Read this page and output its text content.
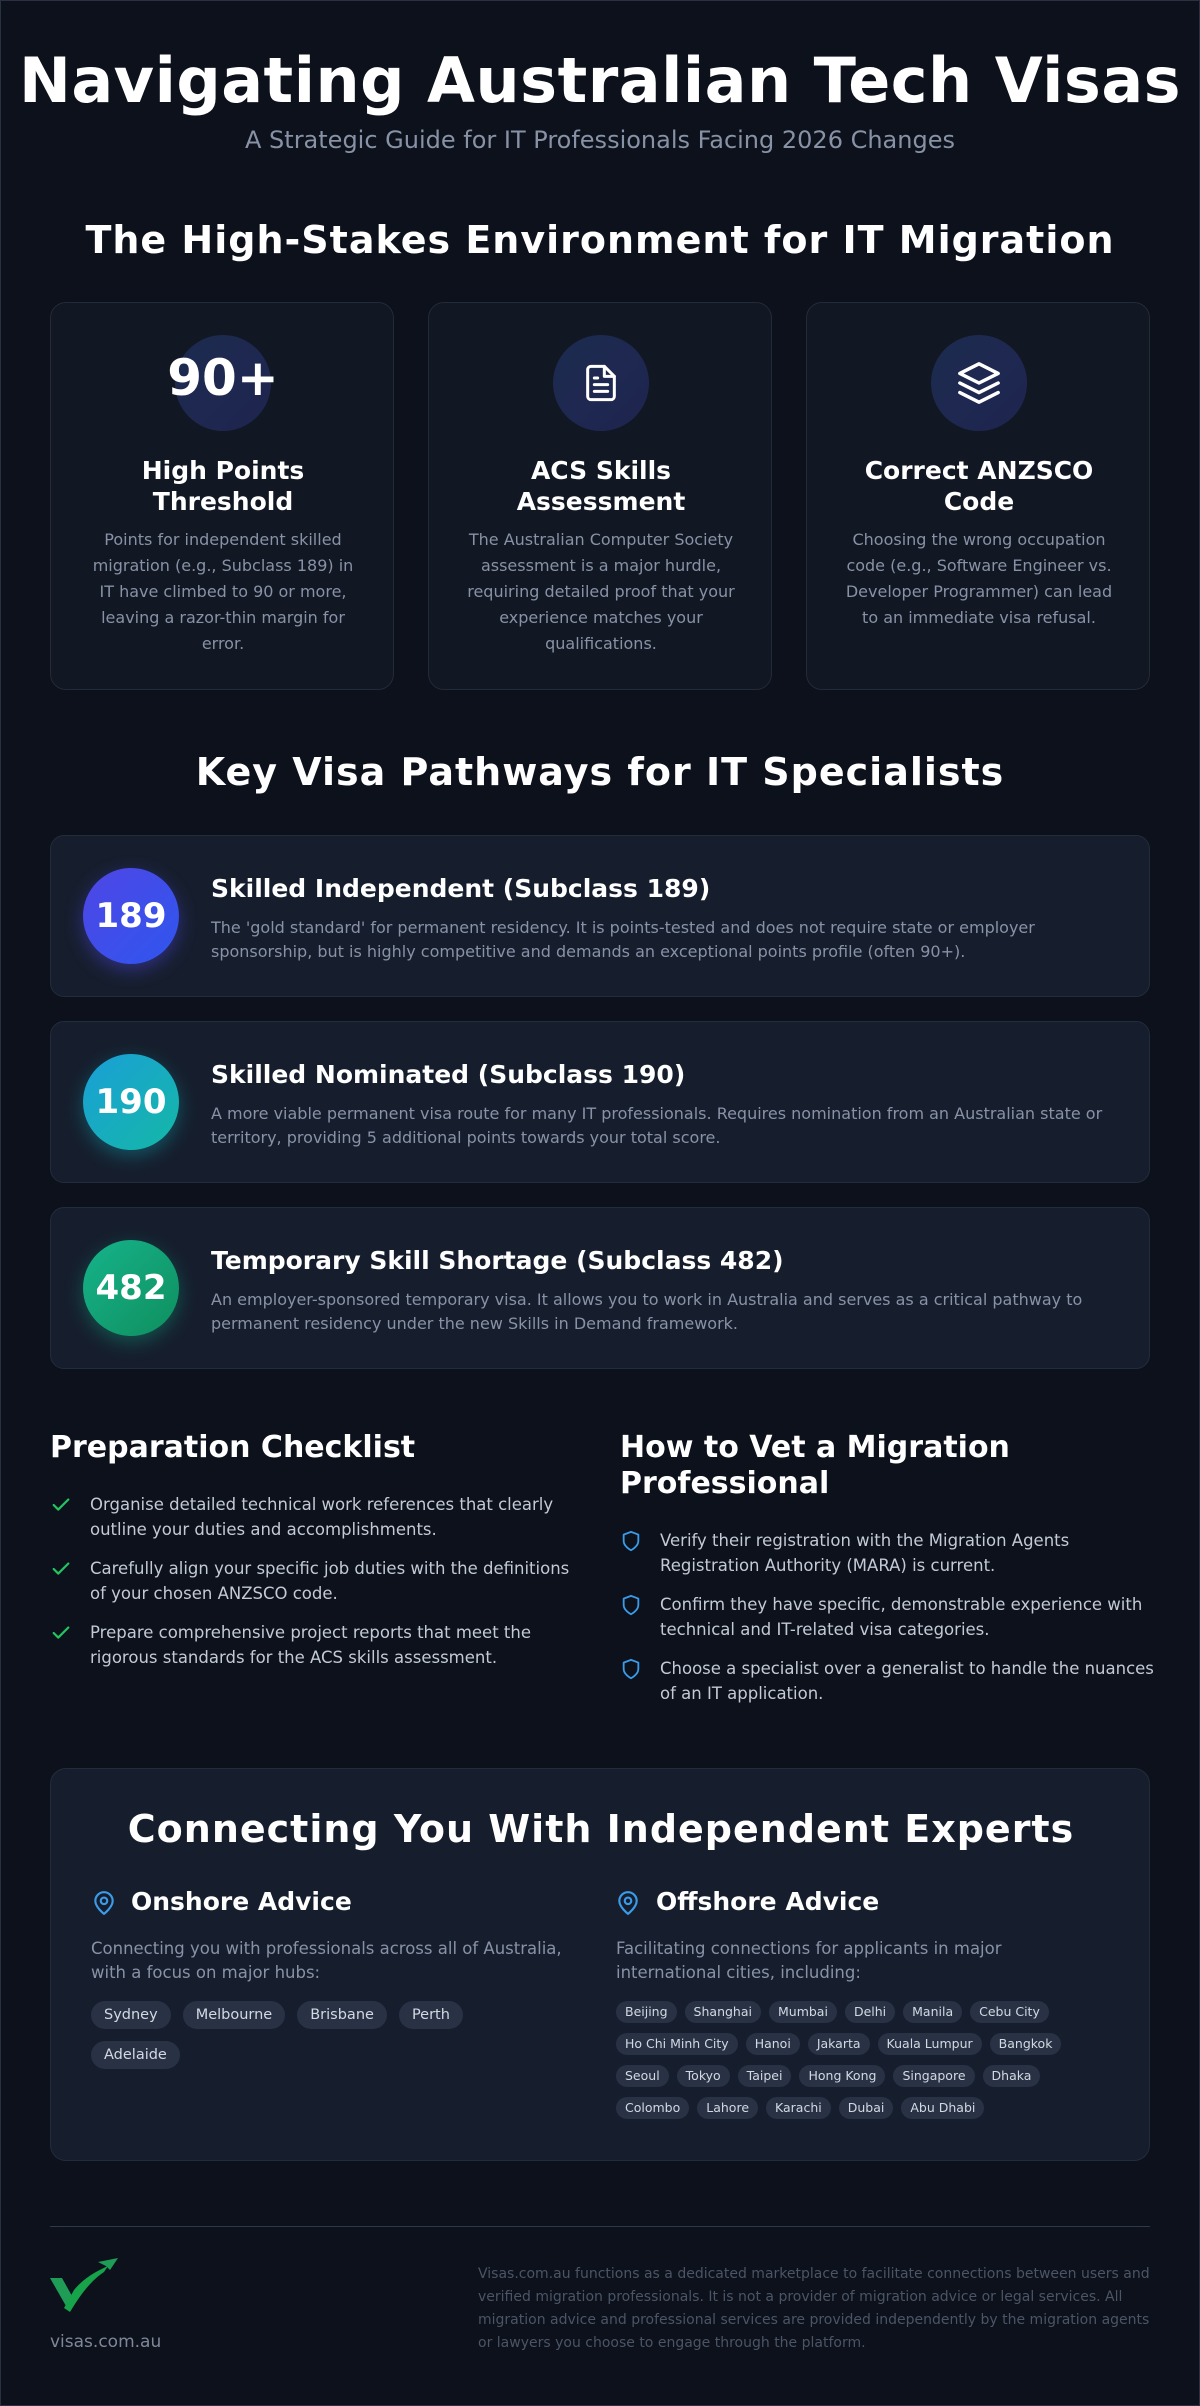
Navigating Australian Tech Visas
A Strategic Guide for IT Professionals Facing 2026 Changes
The High-Stakes Environment for IT Migration
90+
High Points Threshold
Points for independent skilled migration (e.g., Subclass 189) in IT have climbed to 90 or more, leaving a razor-thin margin for error.
ACS Skills Assessment
The Australian Computer Society assessment is a major hurdle, requiring detailed proof that your experience matches your qualifications.
Correct ANZSCO Code
Choosing the wrong occupation code (e.g., Software Engineer vs. Developer Programmer) can lead to an immediate visa refusal.
Key Visa Pathways for IT Specialists
189
Skilled Independent (Subclass 189)
The 'gold standard' for permanent residency. It is points-tested and does not require state or employer sponsorship, but is highly competitive and demands an exceptional points profile (often 90+).
190
Skilled Nominated (Subclass 190)
A more viable permanent visa route for many IT professionals. Requires nomination from an Australian state or territory, providing 5 additional points towards your total score.
482
Temporary Skill Shortage (Subclass 482)
An employer-sponsored temporary visa. It allows you to work in Australia and serves as a critical pathway to permanent residency under the new Skills in Demand framework.
Preparation Checklist
Organise detailed technical work references that clearly outline your duties and accomplishments.
Carefully align your specific job duties with the definitions of your chosen ANZSCO code.
Prepare comprehensive project reports that meet the rigorous standards for the ACS skills assessment.
How to Vet a Migration Professional
Verify their registration with the Migration Agents Registration Authority (MARA) is current.
Confirm they have specific, demonstrable experience with technical and IT-related visa categories.
Choose a specialist over a generalist to handle the nuances of an IT application.
Connecting You With Independent Experts
Onshore Advice
Connecting you with professionals across all of Australia, with a focus on major hubs:
Sydney	Melbourne	Brisbane	Perth
Adelaide
Offshore Advice
Facilitating connections for applicants in major international cities, including:
Beijing	Shanghai	Mumbai	Delhi	Manila	Cebu City
Ho Chi Minh City	Hanoi	Jakarta	Kuala Lumpur	Bangkok
Seoul	Tokyo	Taipei	Hong Kong	Singapore	Dhaka
Colombo	Lahore	Karachi	Dubai	Abu Dhabi
visas.com.au
Visas.com.au functions as a dedicated marketplace to facilitate connections between users and verified migration professionals. It is not a provider of migration advice or legal services. All migration advice and professional services are provided independently by the migration agents or lawyers you choose to engage through the platform.
